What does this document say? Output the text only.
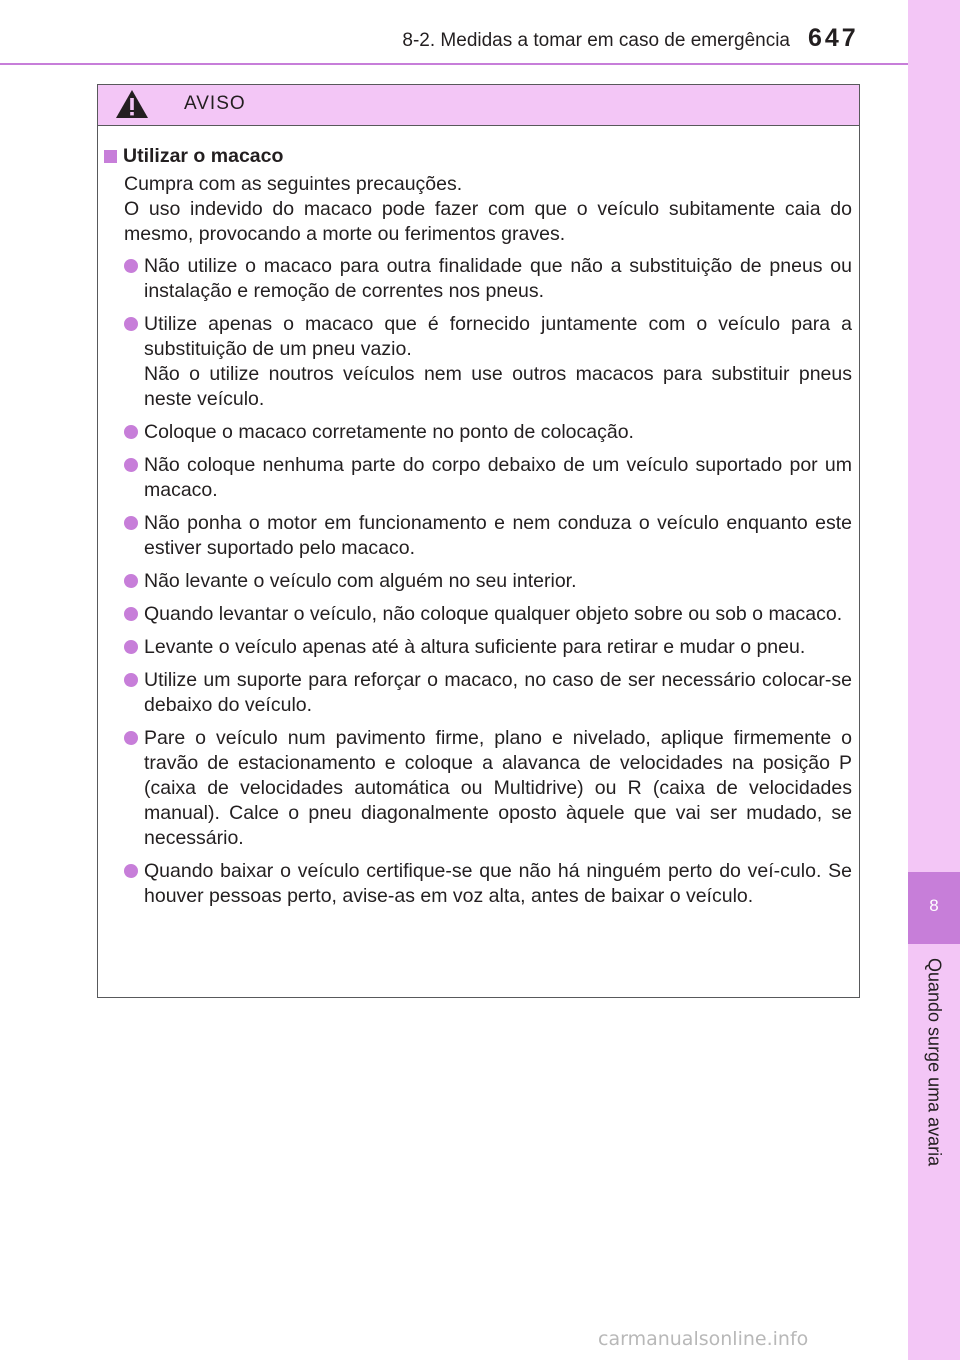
8-2. Medidas a tomar em caso de emergência 647
8
Quando surge uma avaria
AVISO
Utilizar o macaco
Cumpra com as seguintes precauções.
O uso indevido do macaco pode fazer com que o veículo subitamente caia do mesmo, provocando a morte ou ferimentos graves.
Não utilize o macaco para outra finalidade que não a substituição de pneus ou instalação e remoção de correntes nos pneus.
Utilize apenas o macaco que é fornecido juntamente com o veículo para a substituição de um pneu vazio.
Não o utilize noutros veículos nem use outros macacos para substituir pneus neste veículo.
Coloque o macaco corretamente no ponto de colocação.
Não coloque nenhuma parte do corpo debaixo de um veículo suportado por um macaco.
Não ponha o motor em funcionamento e nem conduza o veículo enquanto este estiver suportado pelo macaco.
Não levante o veículo com alguém no seu interior.
Quando levantar o veículo, não coloque qualquer objeto sobre ou sob o macaco.
Levante o veículo apenas até à altura suficiente para retirar e mudar o pneu.
Utilize um suporte para reforçar o macaco, no caso de ser necessário colocar-se debaixo do veículo.
Pare o veículo num pavimento firme, plano e nivelado, aplique firmemente o travão de estacionamento e coloque a alavanca de velocidades na posição P (caixa de velocidades automática ou Multidrive) ou R (caixa de velocidades manual). Calce o pneu diagonalmente oposto àquele que vai ser mudado, se necessário.
Quando baixar o veículo certifique-se que não há ninguém perto do veí-culo. Se houver pessoas perto, avise-as em voz alta, antes de baixar o veículo.
carmanualsonline.info
